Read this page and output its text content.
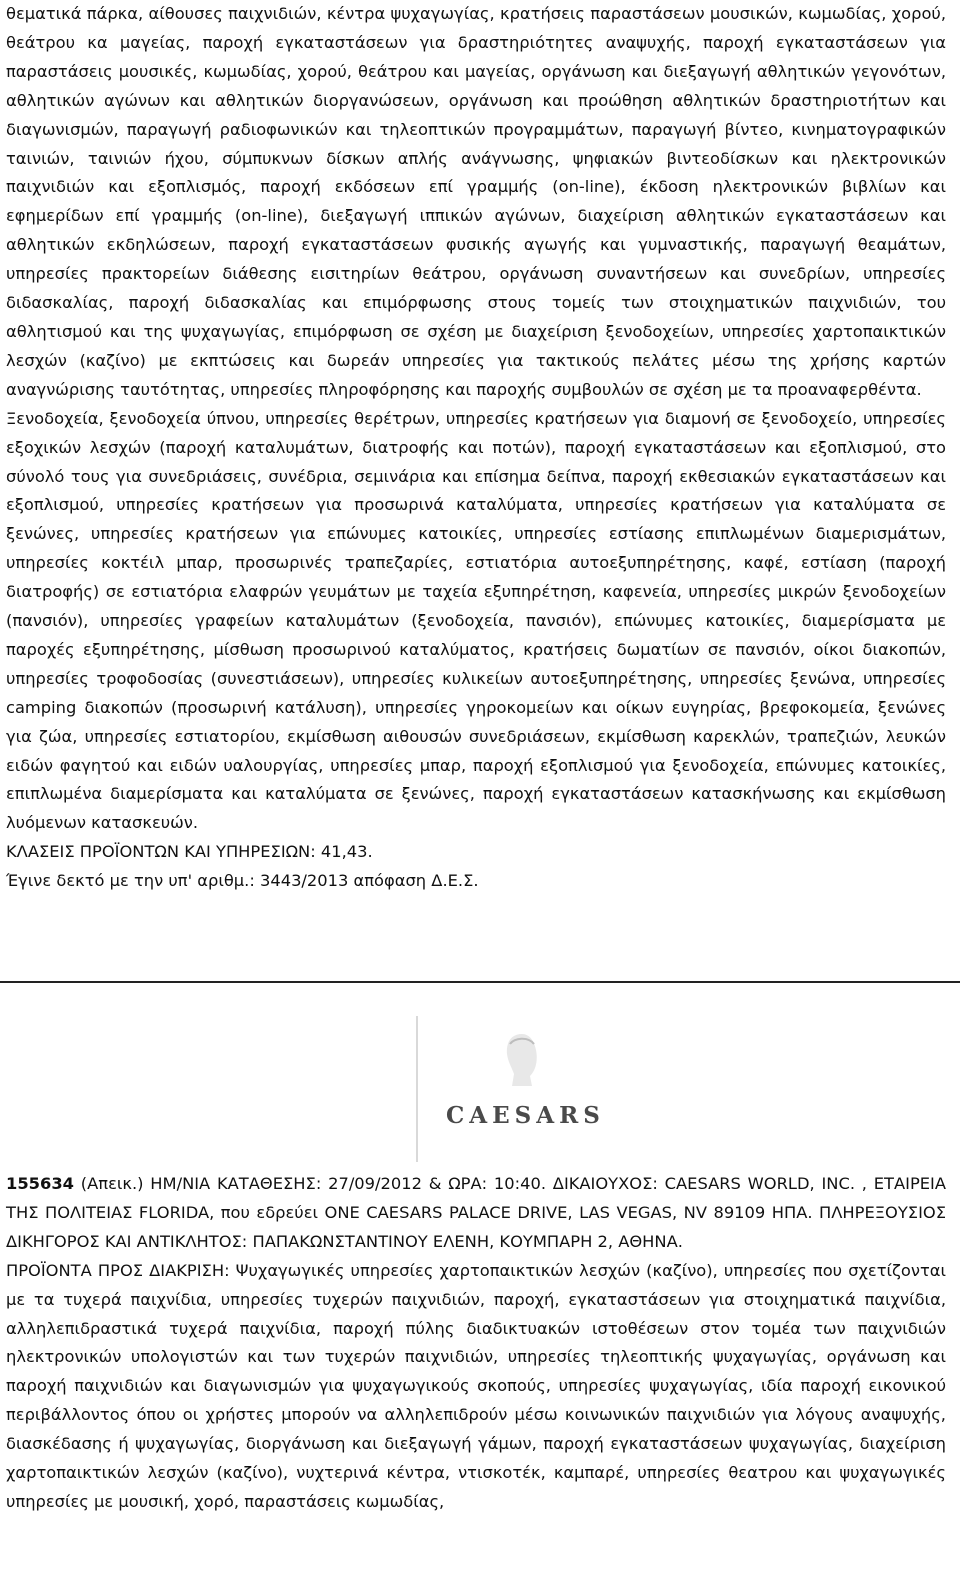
θεματικά πάρκα, αίθουσες παιχνιδιών, κέντρα ψυχαγωγίας, κρατήσεις παραστάσεων μουσικών, κωμωδίας, χορού, θεάτρου κα μαγείας, παροχή εγκαταστάσεων για δραστηριότητες αναψυχής, παροχή εγκαταστάσεων για παραστάσεις μουσικές, κωμωδίας, χορού, θεάτρου και μαγείας, οργάνωση και διεξαγωγή αθλητικών γεγονότων, αθλητικών αγώνων και αθλητικών διοργανώσεων, οργάνωση και προώθηση αθλητικών δραστηριοτήτων και διαγωνισμών, παραγωγή ραδιοφωνικών και τηλεοπτικών προγραμμάτων, παραγωγή βίντεο, κινηματογραφικών ταινιών, ταινιών ήχου, σύμπυκνων δίσκων απλής ανάγνωσης, ψηφιακών βιντεοδίσκων και ηλεκτρονικών παιχνιδιών και εξοπλισμός, παροχή εκδόσεων επί γραμμής (on-line), έκδοση ηλεκτρονικών βιβλίων και εφημερίδων επί γραμμής (on-line), διεξαγωγή ιππικών αγώνων, διαχείριση αθλητικών εγκαταστάσεων και αθλητικών εκδηλώσεων, παροχή εγκαταστάσεων φυσικής αγωγής και γυμναστικής, παραγωγή θεαμάτων, υπηρεσίες πρακτορείων διάθεσης εισιτηρίων θεάτρου, οργάνωση συναντήσεων και συνεδρίων, υπηρεσίες διδασκαλίας, παροχή διδασκαλίας και επιμόρφωσης στους τομείς των στοιχηματικών παιχνιδιών, του αθλητισμού και της ψυχαγωγίας, επιμόρφωση σε σχέση με διαχείριση ξενοδοχείων, υπηρεσίες χαρτοπαικτικών λεσχών (καζίνο) με εκπτώσεις και δωρεάν υπηρεσίες για τακτικούς πελάτες μέσω της χρήσης καρτών αναγνώρισης ταυτότητας, υπηρεσίες πληροφόρησης και παροχής συμβουλών σε σχέση με τα προαναφερθέντα.

Ξενοδοχεία, ξενοδοχεία ύπνου, υπηρεσίες θερέτρων, υπηρεσίες κρατήσεων για διαμονή σε ξενοδοχείο, υπηρεσίες εξοχικών λεσχών (παροχή καταλυμάτων, διατροφής και ποτών), παροχή εγκαταστάσεων και εξοπλισμού, στο σύνολό τους για συνεδριάσεις, συνέδρια, σεμινάρια και επίσημα δείπνα, παροχή εκθεσιακών εγκαταστάσεων και εξοπλισμού, υπηρεσίες κρατήσεων για προσωρινά καταλύματα, υπηρεσίες κρατήσεων για καταλύματα σε ξενώνες, υπηρεσίες κρατήσεων για επώνυμες κατοικίες, υπηρεσίες εστίασης επιπλωμένων διαμερισμάτων, υπηρεσίες κοκτέιλ μπαρ, προσωρινές τραπεζαρίες, εστιατόρια αυτοεξυπηρέτησης, καφέ, εστίαση (παροχή διατροφής) σε εστιατόρια ελαφρών γευμάτων με ταχεία εξυπηρέτηση, καφενεία, υπηρεσίες μικρών ξενοδοχείων (πανσιόν), υπηρεσίες γραφείων καταλυμάτων (ξενοδοχεία, πανσιόν), επώνυμες κατοικίες, διαμερίσματα με παροχές εξυπηρέτησης, μίσθωση προσωρινού καταλύματος, κρατήσεις δωματίων σε πανσιόν, οίκοι διακοπών, υπηρεσίες τροφοδοσίας (συνεστιάσεων), υπηρεσίες κυλικείων αυτοεξυπηρέτησης, υπηρεσίες ξενώνα, υπηρεσίες camping διακοπών (προσωρινή κατάλυση), υπηρεσίες γηροκομείων και οίκων ευγηρίας, βρεφοκομεία, ξενώνες για ζώα, υπηρεσίες εστιατορίου, εκμίσθωση αιθουσών συνεδριάσεων, εκμίσθωση καρεκλών, τραπεζιών, λευκών ειδών φαγητού και ειδών υαλουργίας, υπηρεσίες μπαρ, παροχή εξοπλισμού για ξενοδοχεία, επώνυμες κατοικίες, επιπλωμένα διαμερίσματα και καταλύματα σε ξενώνες, παροχή εγκαταστάσεων κατασκήνωσης και εκμίσθωση λυόμενων κατασκευών.

ΚΛΑΣΕΙΣ ΠΡΟΪΟΝΤΩΝ ΚΑΙ ΥΠΗΡΕΣΙΩΝ: 41,43.

Έγινε δεκτό με την υπ' αριθμ.: 3443/2013 απόφαση Δ.Ε.Σ.

CAESARS

155634 (Απεικ.) ΗΜ/ΝΙΑ ΚΑΤΑΘΕΣΗΣ: 27/09/2012 & ΩΡΑ: 10:40. ΔΙΚΑΙΟΥΧΟΣ: CAESARS WORLD, INC. , ΕΤΑΙΡΕΙΑ ΤΗΣ ΠΟΛΙΤΕΙΑΣ FLORIDA, που εδρεύει ONE CAESARS PALACE DRIVE, LAS VEGAS, NV 89109 ΗΠΑ. ΠΛΗΡΕΞΟΥΣΙΟΣ ΔΙΚΗΓΟΡΟΣ ΚΑΙ ΑΝΤΙΚΛΗΤΟΣ: ΠΑΠΑΚΩΝΣΤΑΝΤΙΝΟΥ ΕΛΕΝΗ, ΚΟΥΜΠΑΡΗ 2, ΑΘΗΝΑ.

ΠΡΟΪΟΝΤΑ ΠΡΟΣ ΔΙΑΚΡΙΣΗ: Ψυχαγωγικές υπηρεσίες χαρτοπαικτικών λεσχών (καζίνο), υπηρεσίες που σχετίζονται με τα τυχερά παιχνίδια, υπηρεσίες τυχερών παιχνιδιών, παροχή, εγκαταστάσεων για στοιχηματικά παιχνίδια, αλληλεπιδραστικά τυχερά παιχνίδια, παροχή πύλης διαδικτυακών ιστοθέσεων στον τομέα των παιχνιδιών ηλεκτρονικών υπολογιστών και των τυχερών παιχνιδιών, υπηρεσίες τηλεοπτικής ψυχαγωγίας, οργάνωση και παροχή παιχνιδιών και διαγωνισμών για ψυχαγωγικούς σκοπούς, υπηρεσίες ψυχαγωγίας, ιδία παροχή εικονικού περιβάλλοντος όπου οι χρήστες μπορούν να αλληλεπιδρούν μέσω κοινωνικών παιχνιδιών για λόγους αναψυχής, διασκέδασης ή ψυχαγωγίας, διοργάνωση και διεξαγωγή γάμων, παροχή εγκαταστάσεων ψυχαγωγίας, διαχείριση χαρτοπαικτικών λεσχών (καζίνο), νυχτερινά κέντρα, ντισκοτέκ, καμπαρέ, υπηρεσίες θεατρου και ψυχαγωγικές υπηρεσίες με μουσική, χορό, παραστάσεις κωμωδίας,
